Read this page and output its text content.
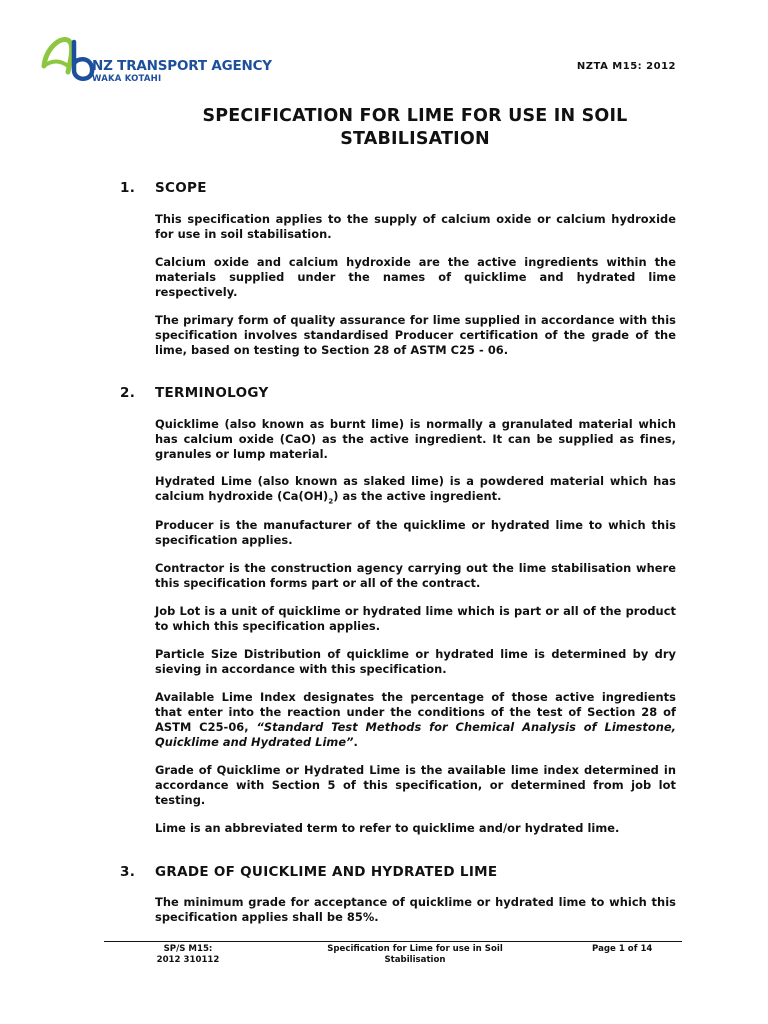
NZ TRANSPORT AGENCY
WAKA KOTAHI
NZTA M15: 2012
SPECIFICATION FOR LIME FOR USE IN SOIL
STABILISATION
1. SCOPE
This specification applies to the supply of calcium oxide or calcium hydroxide for use in soil stabilisation.
Calcium oxide and calcium hydroxide are the active ingredients within the materials supplied under the names of quicklime and hydrated lime respectively.
The primary form of quality assurance for lime supplied in accordance with this specification involves standardised Producer certification of the grade of the lime, based on testing to Section 28 of ASTM C25 - 06.
2. TERMINOLOGY
Quicklime (also known as burnt lime) is normally a granulated material which has calcium oxide (CaO) as the active ingredient. It can be supplied as fines, granules or lump material.
Hydrated Lime (also known as slaked lime) is a powdered material which has calcium hydroxide $(Ca(OH)_2)$ as the active ingredient.
Producer is the manufacturer of the quicklime or hydrated lime to which this specification applies.
Contractor is the construction agency carrying out the lime stabilisation where this specification forms part or all of the contract.
Job Lot is a unit of quicklime or hydrated lime which is part or all of the product to which this specification applies.
Particle Size Distribution of quicklime or hydrated lime is determined by dry sieving in accordance with this specification.
Available Lime Index designates the percentage of those active ingredients that enter into the reaction under the conditions of the test of Section 28 of ASTM C25-06, “Standard Test Methods for Chemical Analysis of Limestone, Quicklime and Hydrated Lime”.
Grade of Quicklime or Hydrated Lime is the available lime index determined in accordance with Section 5 of this specification, or determined from job lot testing.
Lime is an abbreviated term to refer to quicklime and/or hydrated lime.
3. GRADE OF QUICKLIME AND HYDRATED LIME
The minimum grade for acceptance of quicklime or hydrated lime to which this specification applies shall be 85%.
SP/S M15:
2012 310112
Specification for Lime for use in Soil
Stabilisation
Page 1 of 14
